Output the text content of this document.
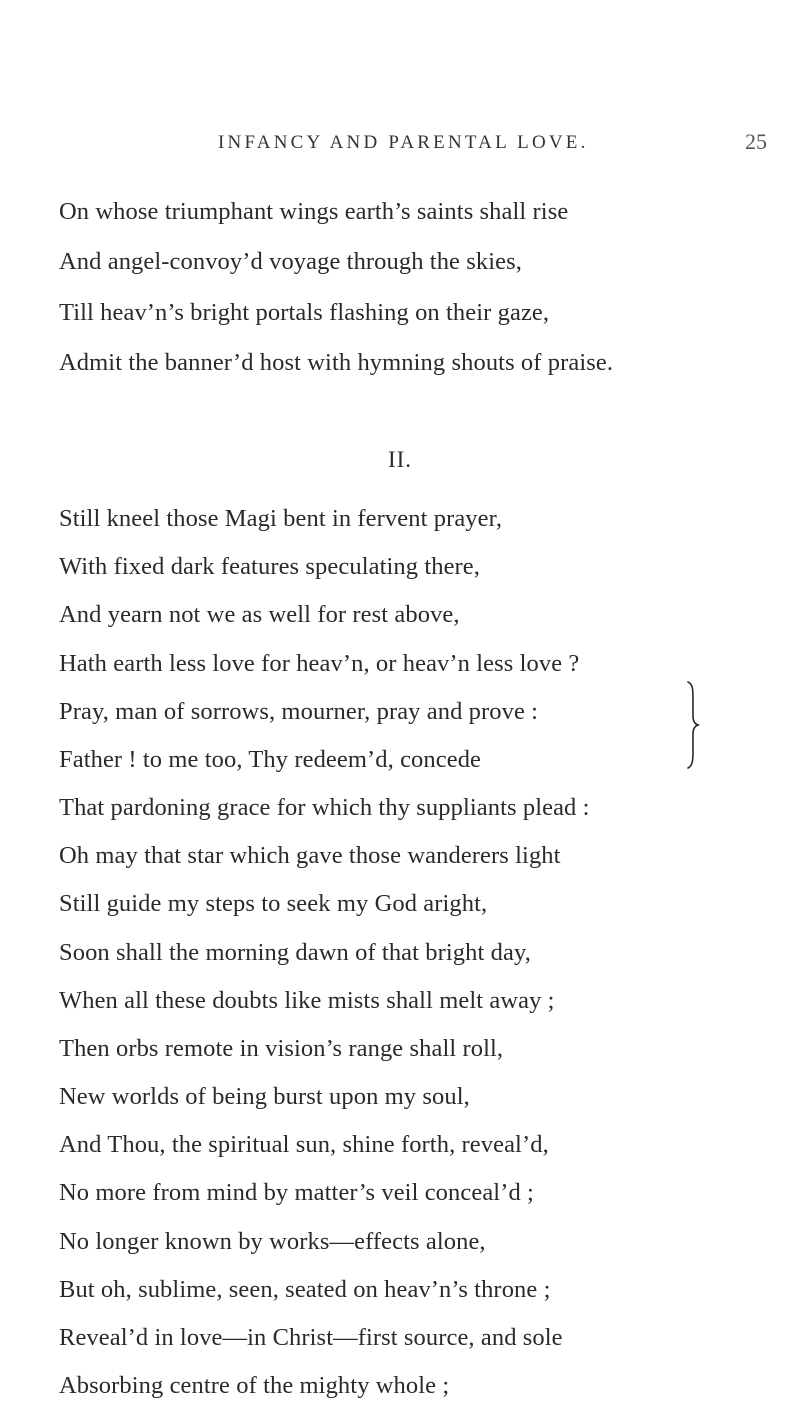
INFANCY AND PARENTAL LOVE.	25
On whose triumphant wings earth’s saints shall rise
And angel-convoy’d voyage through the skies,
Till heav’n’s bright portals flashing on their gaze,
Admit the banner’d host with hymning shouts of praise.
II.
Still kneel those Magi bent in fervent prayer,
With fixed dark features speculating there,
And yearn not we as well for rest above,
Hath earth less love for heav’n, or heav’n less love ?
Pray, man of sorrows, mourner, pray and prove :
Father ! to me too, Thy redeem’d, concede
That pardoning grace for which thy suppliants plead :
Oh may that star which gave those wanderers light
Still guide my steps to seek my God aright,
Soon shall the morning dawn of that bright day,
When all these doubts like mists shall melt away ;
Then orbs remote in vision’s range shall roll,
New worlds of being burst upon my soul,
And Thou, the spiritual sun, shine forth, reveal’d,
No more from mind by matter’s veil conceal’d ;
No longer known by works—effects alone,
But oh, sublime, seen, seated on heav’n’s throne ;
Reveal’d in love—in Christ—first source, and sole
Absorbing centre of the mighty whole ;
